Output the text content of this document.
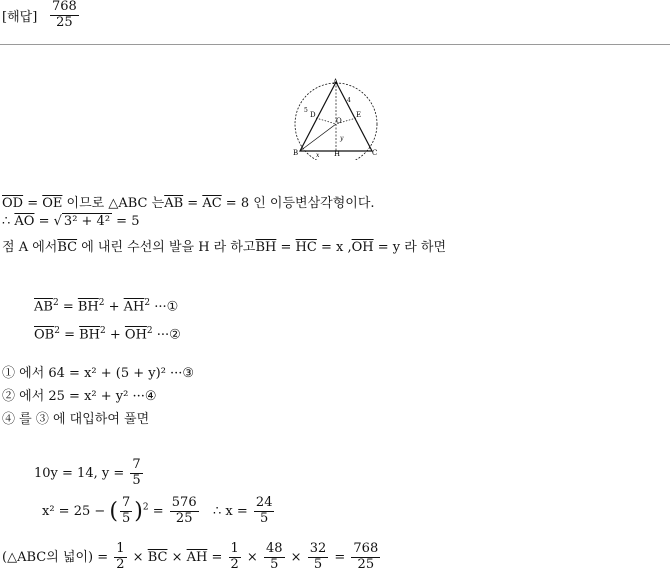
[해답] $\frac{768}{25}$
A
B	C
D	E
H
O
5
4
x
y
$\overline{OD} = \overline{OE}$ 이므로 △ABC 는$\overline{AB} = \overline{AC} = 8$ 인 이등변삼각형이다.
∴ $\overline{AO}$ = √ 3² + 4² = 5
점 A 에서$\overline{BC}$ 에 내린 수선의 발을 H 라 하고$\overline{BH} = \overline{HC} = x$ $,\overline{OH} = y$ 라 하면
$\overline{AB}^2 = \overline{BH}^2 + \overline{AH}^2$ ···①
$\overline{OB}^2 = \overline{BH}^2 + \overline{OH}^2$ ···②
① 에서 64 = x² + (5 + y)² ···③
② 에서 25 = x² + y² ···④
④ 를 ③ 에 대입하여 풀면
10y = 14, $y = \frac{7}{5}$
x² = 25 − ( $\frac{7}{5} )^2 = \frac{576}{25}$ ∴ $x = \frac{24}{5}$
(△ABC의 넓이) = $\frac{1}{2} \times \overline{BC} \times \overline{AH} = \frac{1}{2} \times \frac{48}{5} \times \frac{32}{5} = \frac{768}{25}$
